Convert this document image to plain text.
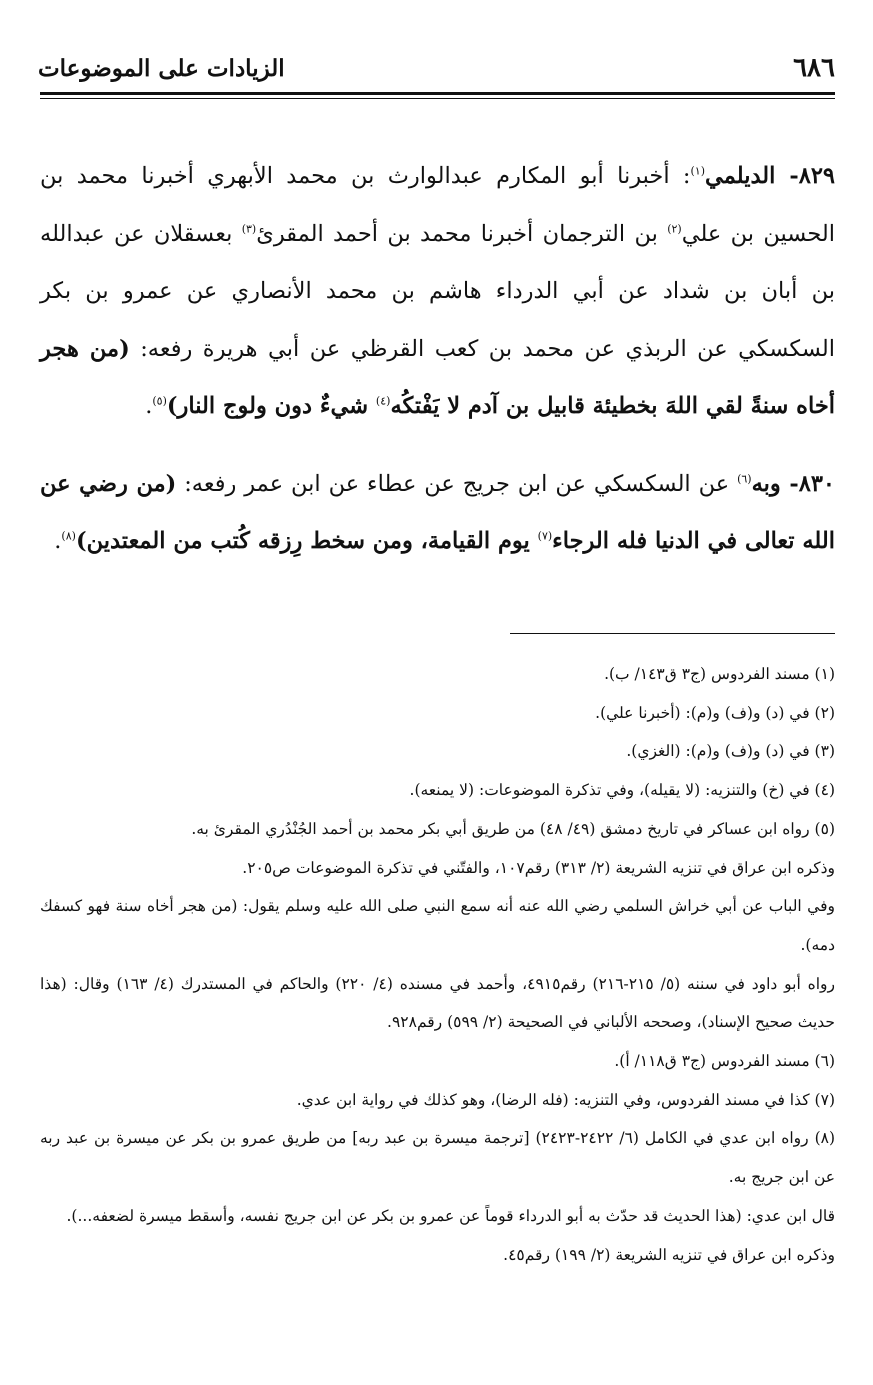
٦٨٦
الزيادات على الموضوعات

٨٢٩- الديلمي$^{(١)}$: أخبرنا أبو المكارم عبدالوارث بن محمد الأبهري أخبرنا محمد بن الحسين بن علي$^{(٢)}$ بن الترجمان أخبرنا محمد بن أحمد المقرئ$^{(٣)}$ بعسقلان عن عبدالله بن أبان بن شداد عن أبي الدرداء هاشم بن محمد الأنصاري عن عمرو بن بكر السكسكي عن الربذي عن محمد بن كعب القرظي عن أبي هريرة رفعه: (من هجر أخاه سنةً لقي اللهَ بخطيئة قابيل بن آدم لا يَفْتكُه$^{(٤)}$ شيءٌ دون ولوج النار)$^{(٥)}$.

٨٣٠- وبه$^{(٦)}$ عن السكسكي عن ابن جريج عن عطاء عن ابن عمر رفعه: (من رضي عن الله تعالى في الدنيا فله الرجاء$^{(٧)}$ يوم القيامة، ومن سخط رِزقه كُتب من المعتدين)$^{(٨)}$.

(١) مسند الفردوس (ج٣ ق١٤٣/ ب).

(٢) في (د) و(ف) و(م): (أخبرنا علي).

(٣) في (د) و(ف) و(م): (الغزي).

(٤) في (خ) والتنزيه: (لا يقيله)، وفي تذكرة الموضوعات: (لا يمنعه).

(٥) رواه ابن عساكر في تاريخ دمشق (٤٩/ ٤٨) من طريق أبي بكر محمد بن أحمد الجُنْدُري المقرئ به.

وذكره ابن عراق في تنزيه الشريعة (٢/ ٣١٣) رقم١٠٧، والفتّني في تذكرة الموضوعات ص٢٠٥.

وفي الباب عن أبي خراش السلمي رضي الله عنه أنه سمع النبي صلى الله عليه وسلم يقول: (من هجر أخاه سنة فهو كسفك دمه).

رواه أبو داود في سننه (٥/ ٢١٥-٢١٦) رقم٤٩١٥، وأحمد في مسنده (٤/ ٢٢٠) والحاكم في المستدرك (٤/ ١٦٣) وقال: (هذا حديث صحيح الإسناد)، وصححه الألباني في الصحيحة (٢/ ٥٩٩) رقم٩٢٨.

(٦) مسند الفردوس (ج٣ ق١١٨/ أ).

(٧) كذا في مسند الفردوس، وفي التنزيه: (فله الرضا)، وهو كذلك في رواية ابن عدي.

(٨) رواه ابن عدي في الكامل (٦/ ٢٤٢٢-٢٤٢٣) [ترجمة ميسرة بن عبد ربه] من طريق عمرو بن بكر عن ميسرة بن عبد ربه عن ابن جريج به.

قال ابن عدي: (هذا الحديث قد حدّث به أبو الدرداء قوماً عن عمرو بن بكر عن ابن جريج نفسه، وأسقط ميسرة لضعفه...).

وذكره ابن عراق في تنزيه الشريعة (٢/ ١٩٩) رقم٤٥.
